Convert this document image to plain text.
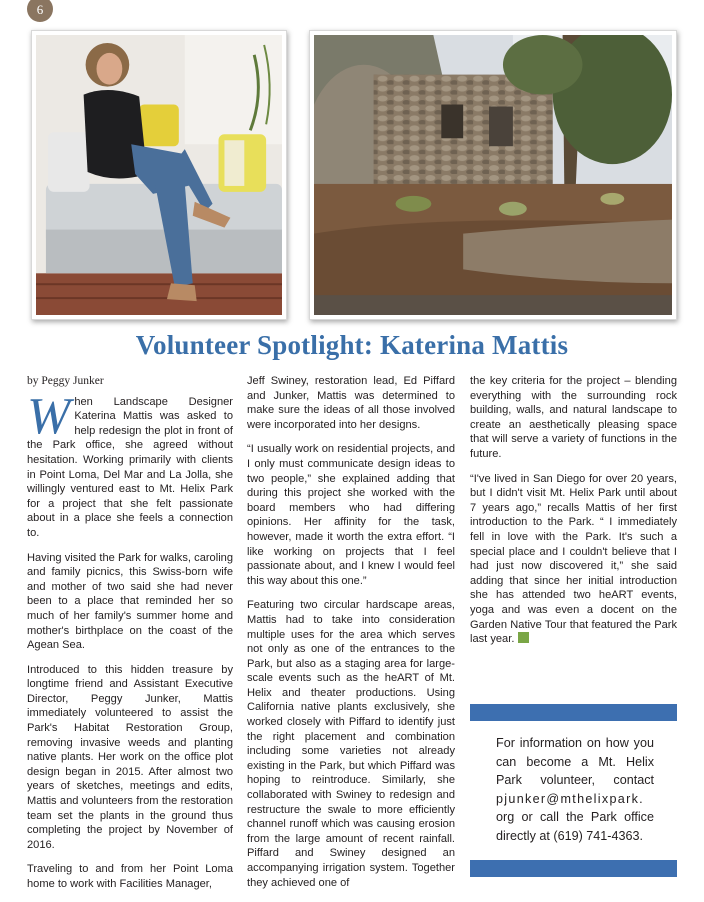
6
Volunteer Spotlight: Katerina Mattis

by Peggy Junker

When Landscape Designer Katerina Mattis was asked to help redesign the plot in front of the Park office, she agreed without hesitation. Working primarily with clients in Point Loma, Del Mar and La Jolla, she willingly ventured east to Mt. Helix Park for a project that she felt passionate about in a place she feels a connection to.

Having visited the Park for walks, caroling and family picnics, this Swiss-born wife and mother of two said she had never been to a place that reminded her so much of her family's summer home and mother's birthplace on the coast of the Agean Sea.

Introduced to this hidden treasure by longtime friend and Assistant Executive Director, Peggy Junker, Mattis immediately volunteered to assist the Park's Habitat Restoration Group, removing invasive weeds and planting native plants. Her work on the office plot design began in 2015. After almost two years of sketches, meetings and edits, Mattis and volunteers from the restoration team set the plants in the ground thus completing the project by November of 2016.

Traveling to and from her Point Loma home to work with Facilities Manager,

Jeff Swiney, restoration lead, Ed Piffard and Junker, Mattis was determined to make sure the ideas of all those involved were incorporated into her designs.

“I usually work on residential projects, and I only must communicate design ideas to two people,” she explained adding that during this project she worked with the board members who had differing opinions. Her affinity for the task, however, made it worth the extra effort. “I like working on projects that I feel passionate about, and I knew I would feel this way about this one.”

Featuring two circular hardscape areas, Mattis had to take into consideration multiple uses for the area which serves not only as one of the entrances to the Park, but also as a staging area for large-scale events such as the heART of Mt. Helix and theater productions. Using California native plants exclusively, she worked closely with Piffard to identify just the right placement and combination including some varieties not already existing in the Park, but which Piffard was hoping to reintroduce. Similarly, she collaborated with Swiney to redesign and restructure the swale to more efficiently channel runoff which was causing erosion from the large amount of recent rainfall. Piffard and Swiney designed an accompanying irrigation system. Together they achieved one of

the key criteria for the project – blending everything with the surrounding rock building, walls, and natural landscape to create an aesthetically pleasing space that will serve a variety of functions in the future.

“I've lived in San Diego for over 20 years, but I didn't visit Mt. Helix Park until about 7 years ago,” recalls Mattis of her first introduction to the Park. “ I immediately fell in love with the Park. It's such a special place and I couldn't believe that I had just now discovered it,” she said adding that since her initial introduction she has attended two heART events, yoga and was even a docent on the Garden Native Tour that featured the Park last year.

For information on how you can become a Mt. Helix Park volunteer, contact pjunker@mthelixpark. org or call the Park office directly at (619) 741-4363.
